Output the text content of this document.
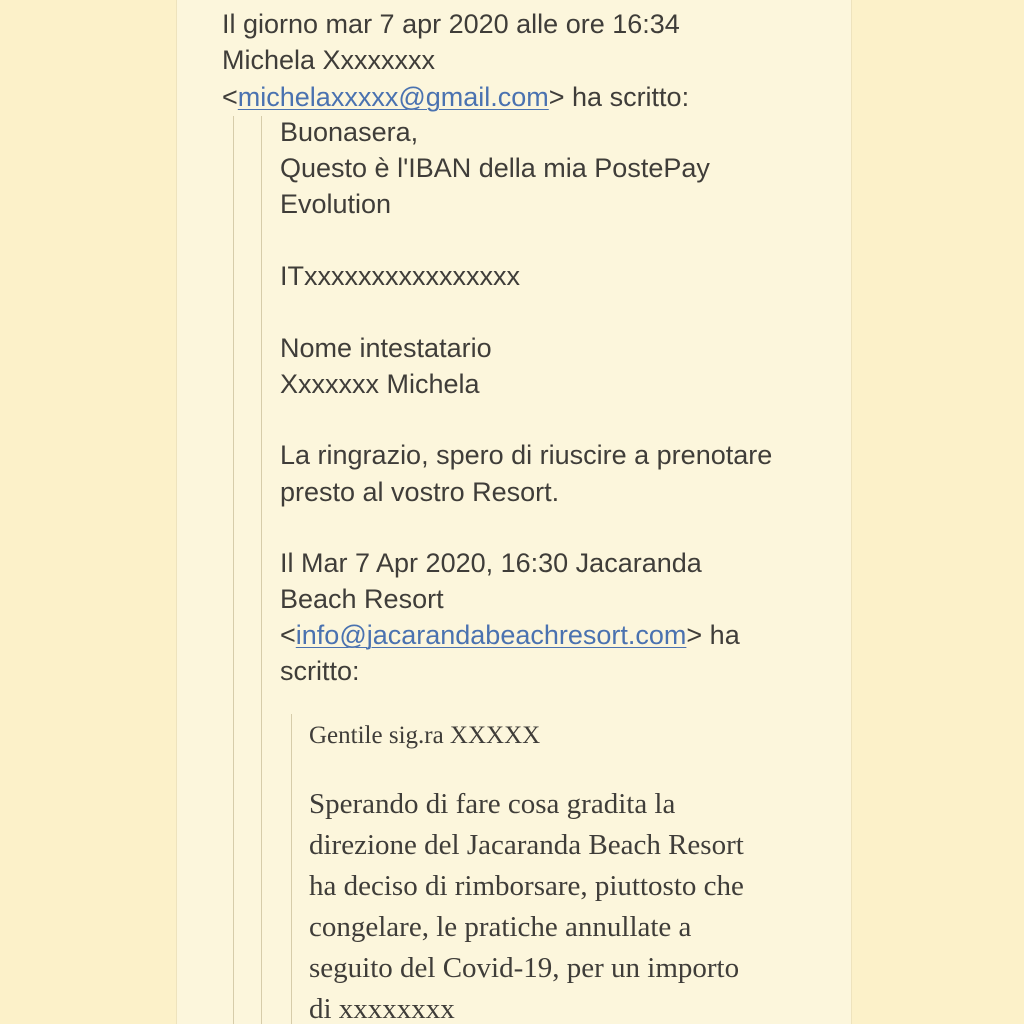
Il giorno mar 7 apr 2020 alle ore 16:34
Michela Xxxxxxxx
<michelaxxxxx@gmail.com> ha scritto:
Buonasera,
Questo è l'IBAN della mia PostePay
Evolution
ITxxxxxxxxxxxxxxxx
Nome intestatario
Xxxxxxx Michela
La ringrazio, spero di riuscire a prenotare
presto al vostro Resort.
Il Mar 7 Apr 2020, 16:30 Jacaranda
Beach Resort
<info@jacarandabeachresort.com> ha
scritto:
Gentile sig.ra XXXXX
Sperando di fare cosa gradita la
direzione del Jacaranda Beach Resort
ha deciso di rimborsare, piuttosto che
congelare, le pratiche annullate a
seguito del Covid-19, per un importo
di xxxxxxxx
